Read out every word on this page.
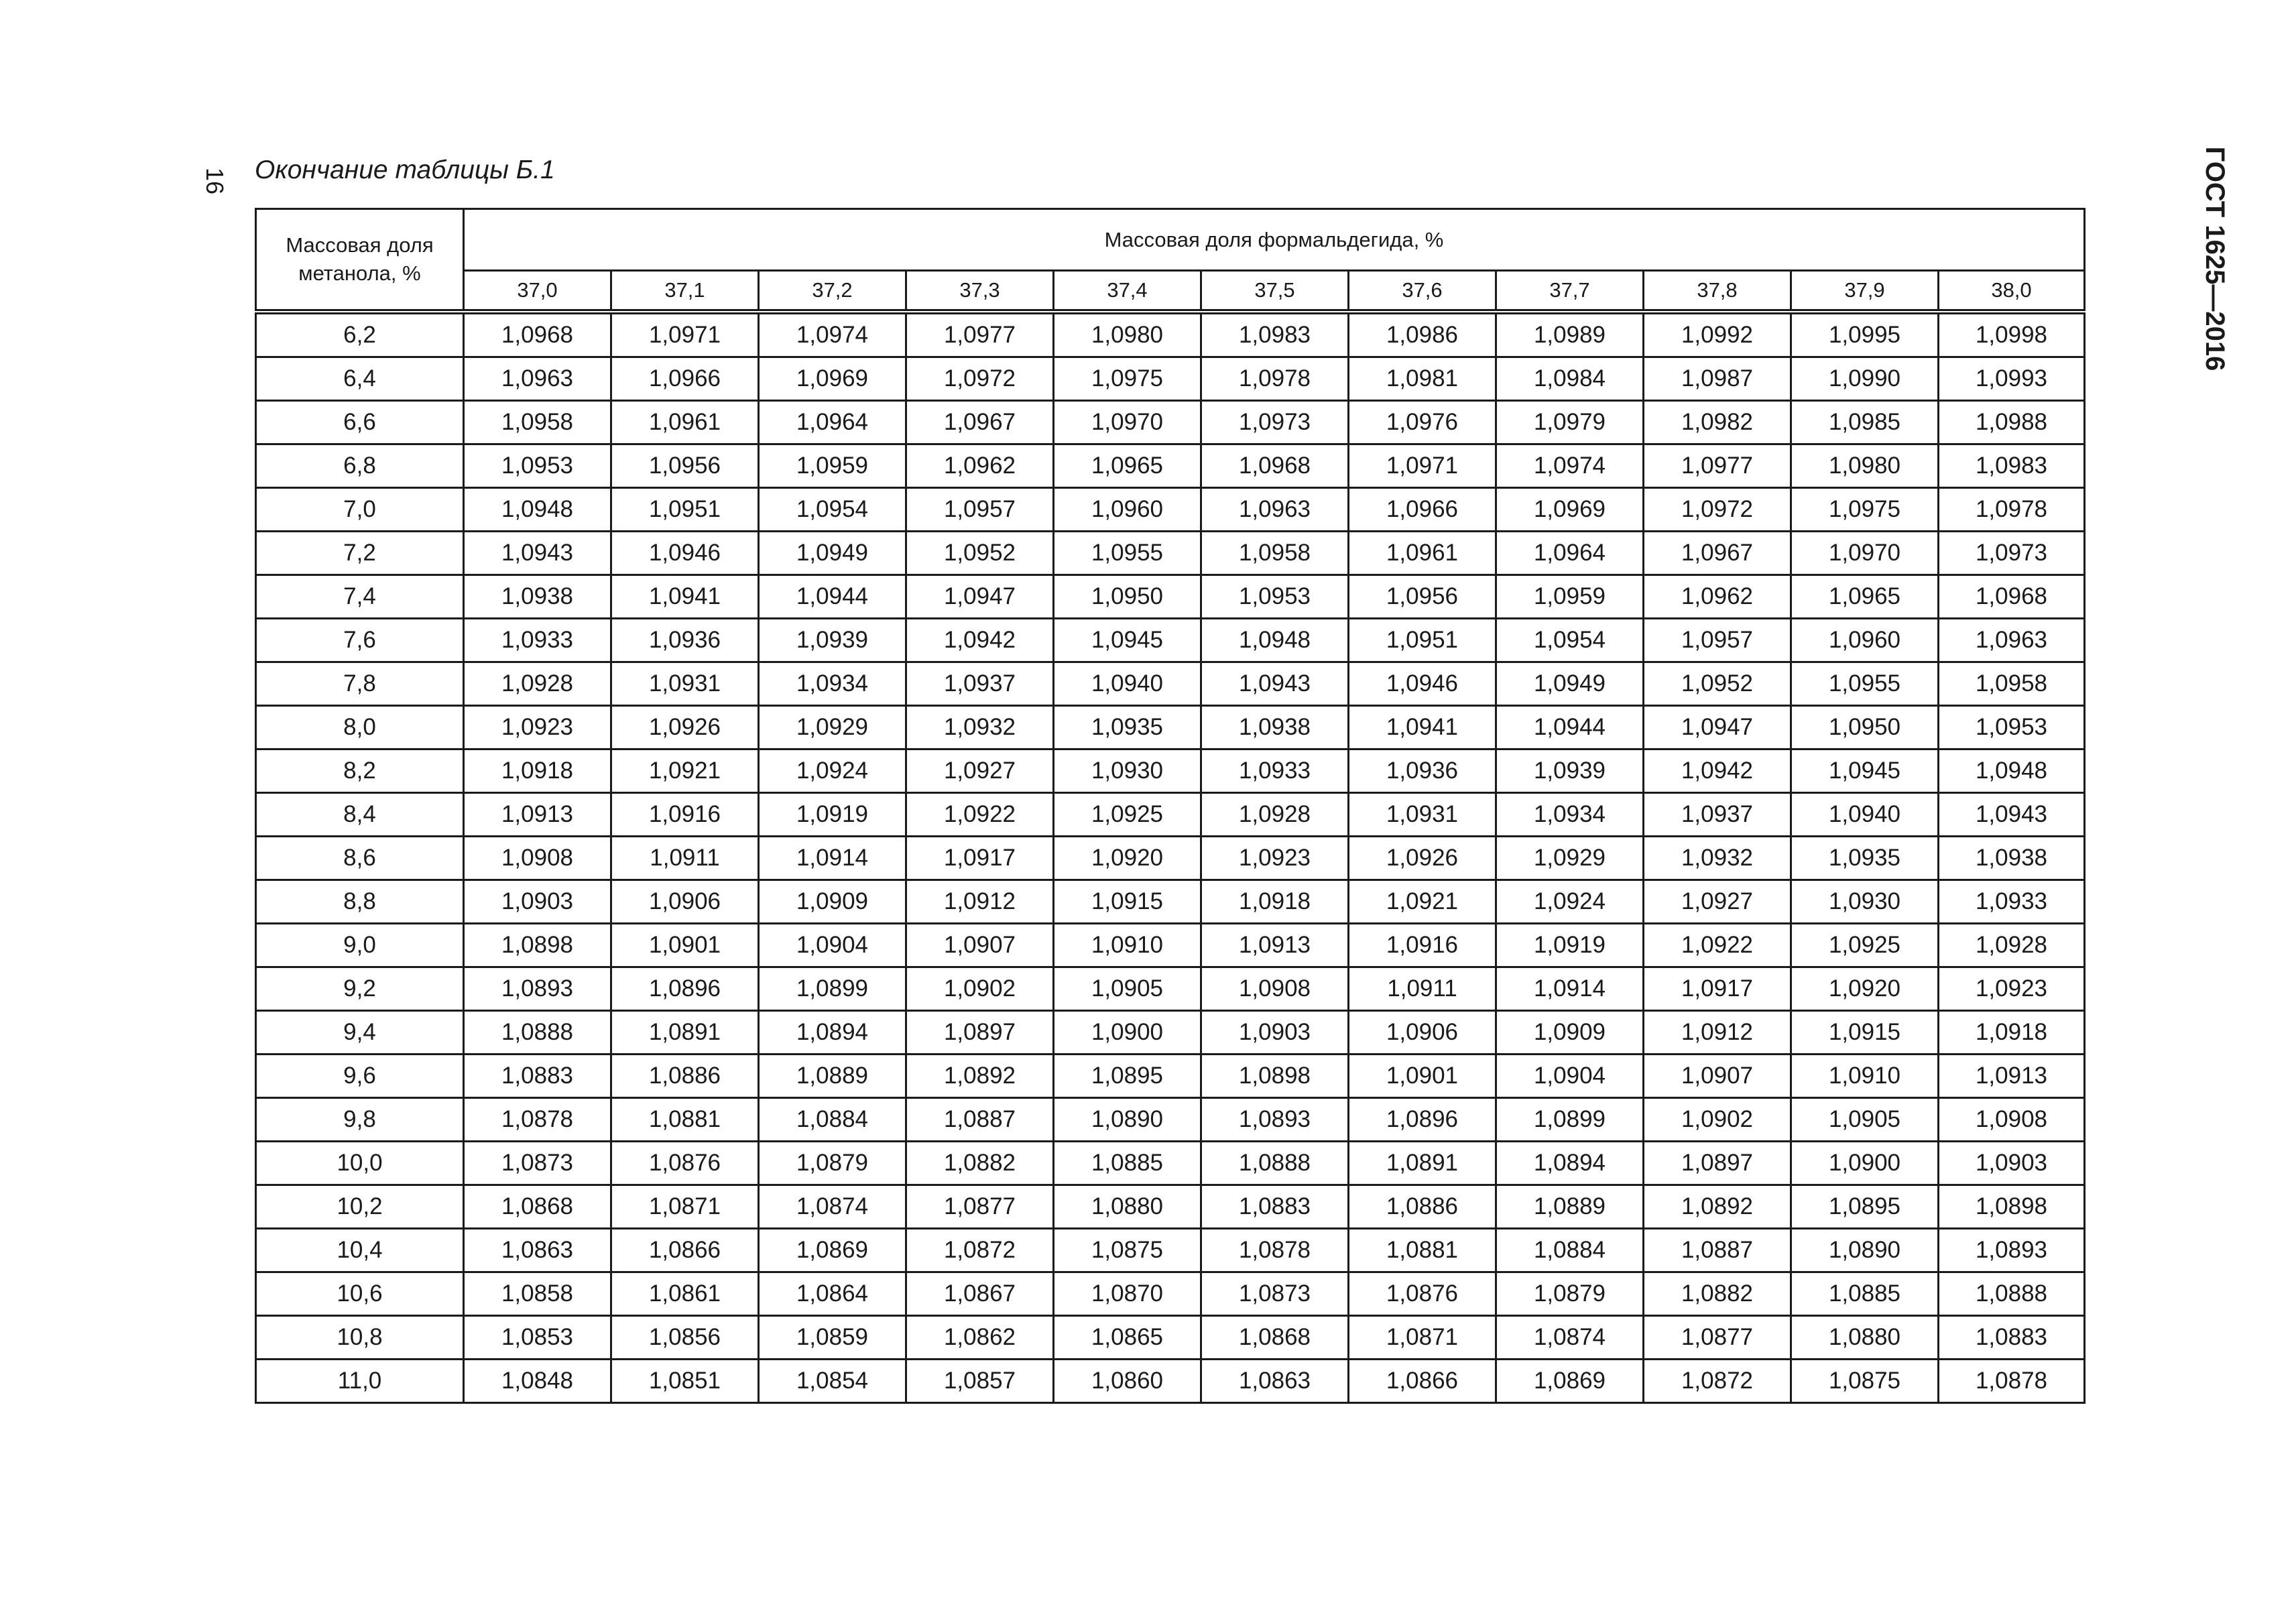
16 Окончание таблицы Б.1	ГОСТ 1625—2016
Массовая доля метанола, %	Массовая доля формальдегида, %										
	37,0	37,1	37,2	37,3	37,4	37,5	37,6	37,7	37,8	37,9	38,0
6,2	1,0968	1,0971	1,0974	1,0977	1,0980	1,0983	1,0986	1,0989	1,0992	1,0995	1,0998
6,4	1,0963	1,0966	1,0969	1,0972	1,0975	1,0978	1,0981	1,0984	1,0987	1,0990	1,0993
6,6	1,0958	1,0961	1,0964	1,0967	1,0970	1,0973	1,0976	1,0979	1,0982	1,0985	1,0988
6,8	1,0953	1,0956	1,0959	1,0962	1,0965	1,0968	1,0971	1,0974	1,0977	1,0980	1,0983
7,0	1,0948	1,0951	1,0954	1,0957	1,0960	1,0963	1,0966	1,0969	1,0972	1,0975	1,0978
7,2	1,0943	1,0946	1,0949	1,0952	1,0955	1,0958	1,0961	1,0964	1,0967	1,0970	1,0973
7,4	1,0938	1,0941	1,0944	1,0947	1,0950	1,0953	1,0956	1,0959	1,0962	1,0965	1,0968
7,6	1,0933	1,0936	1,0939	1,0942	1,0945	1,0948	1,0951	1,0954	1,0957	1,0960	1,0963
7,8	1,0928	1,0931	1,0934	1,0937	1,0940	1,0943	1,0946	1,0949	1,0952	1,0955	1,0958
8,0	1,0923	1,0926	1,0929	1,0932	1,0935	1,0938	1,0941	1,0944	1,0947	1,0950	1,0953
8,2	1,0918	1,0921	1,0924	1,0927	1,0930	1,0933	1,0936	1,0939	1,0942	1,0945	1,0948
8,4	1,0913	1,0916	1,0919	1,0922	1,0925	1,0928	1,0931	1,0934	1,0937	1,0940	1,0943
8,6	1,0908	1,0911	1,0914	1,0917	1,0920	1,0923	1,0926	1,0929	1,0932	1,0935	1,0938
8,8	1,0903	1,0906	1,0909	1,0912	1,0915	1,0918	1,0921	1,0924	1,0927	1,0930	1,0933
9,0	1,0898	1,0901	1,0904	1,0907	1,0910	1,0913	1,0916	1,0919	1,0922	1,0925	1,0928
9,2	1,0893	1,0896	1,0899	1,0902	1,0905	1,0908	1,0911	1,0914	1,0917	1,0920	1,0923
9,4	1,0888	1,0891	1,0894	1,0897	1,0900	1,0903	1,0906	1,0909	1,0912	1,0915	1,0918
9,6	1,0883	1,0886	1,0889	1,0892	1,0895	1,0898	1,0901	1,0904	1,0907	1,0910	1,0913
9,8	1,0878	1,0881	1,0884	1,0887	1,0890	1,0893	1,0896	1,0899	1,0902	1,0905	1,0908
10,0	1,0873	1,0876	1,0879	1,0882	1,0885	1,0888	1,0891	1,0894	1,0897	1,0900	1,0903
10,2	1,0868	1,0871	1,0874	1,0877	1,0880	1,0883	1,0886	1,0889	1,0892	1,0895	1,0898
10,4	1,0863	1,0866	1,0869	1,0872	1,0875	1,0878	1,0881	1,0884	1,0887	1,0890	1,0893
10,6	1,0858	1,0861	1,0864	1,0867	1,0870	1,0873	1,0876	1,0879	1,0882	1,0885	1,0888
10,8	1,0853	1,0856	1,0859	1,0862	1,0865	1,0868	1,0871	1,0874	1,0877	1,0880	1,0883
11,0	1,0848	1,0851	1,0854	1,0857	1,0860	1,0863	1,0866	1,0869	1,0872	1,0875	1,0878
